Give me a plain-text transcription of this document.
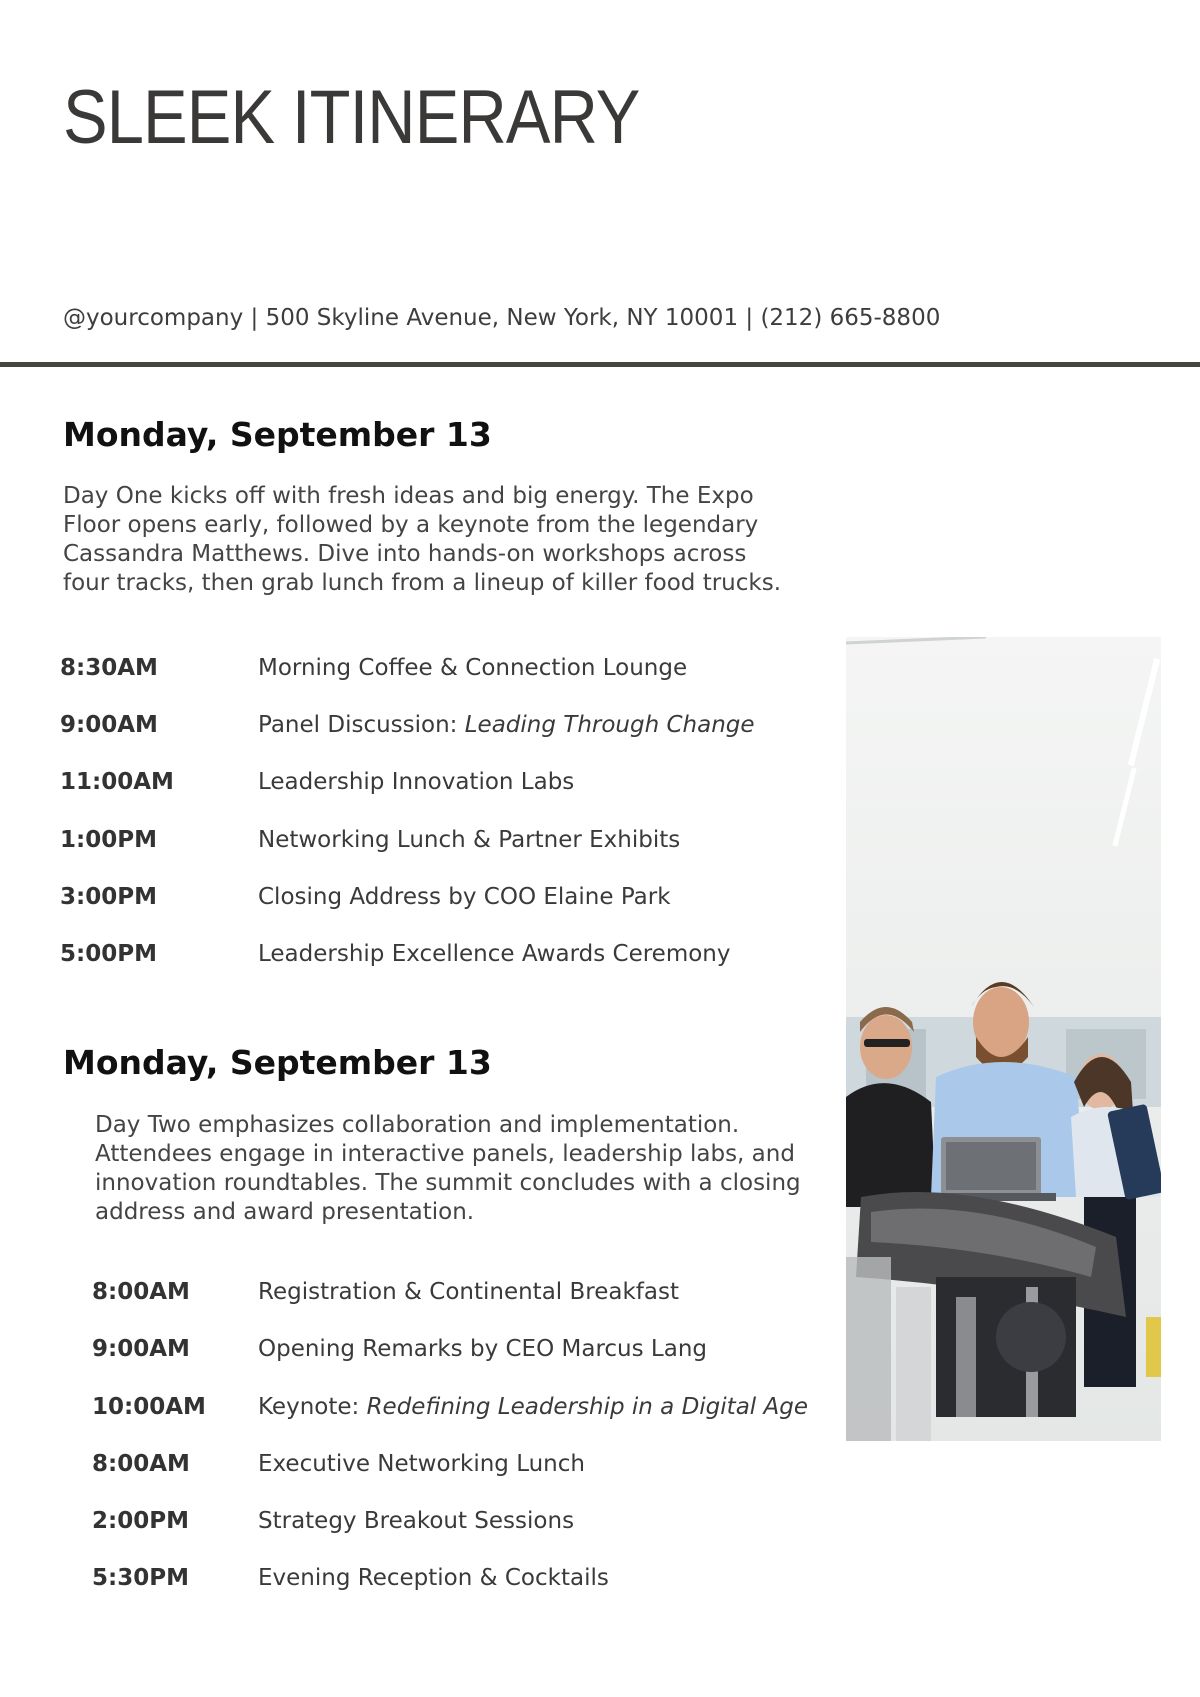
SLEEK ITINERARY
@yourcompany | 500 Skyline Avenue, New York, NY 10001 | (212) 665-8800
Monday, September 13
Day One kicks off with fresh ideas and big energy. The Expo Floor opens early, followed by a keynote from the legendary Cassandra Matthews. Dive into hands-on workshops across four tracks, then grab lunch from a lineup of killer food trucks.
8:30AM	Morning Coffee & Connection Lounge
9:00AM	Panel Discussion: Leading Through Change
11:00AM	Leadership Innovation Labs
1:00PM	Networking Lunch & Partner Exhibits
3:00PM	Closing Address by COO Elaine Park
5:00PM	Leadership Excellence Awards Ceremony
Monday, September 13
Day Two emphasizes collaboration and implementation. Attendees engage in interactive panels, leadership labs, and innovation roundtables. The summit concludes with a closing address and award presentation.
8:00AM	Registration & Continental Breakfast
9:00AM	Opening Remarks by CEO Marcus Lang
10:00AM Keynote: Redefining Leadership in a Digital Age
8:00AM	Executive Networking Lunch
2:00PM	Strategy Breakout Sessions
5:30PM	Evening Reception & Cocktails
